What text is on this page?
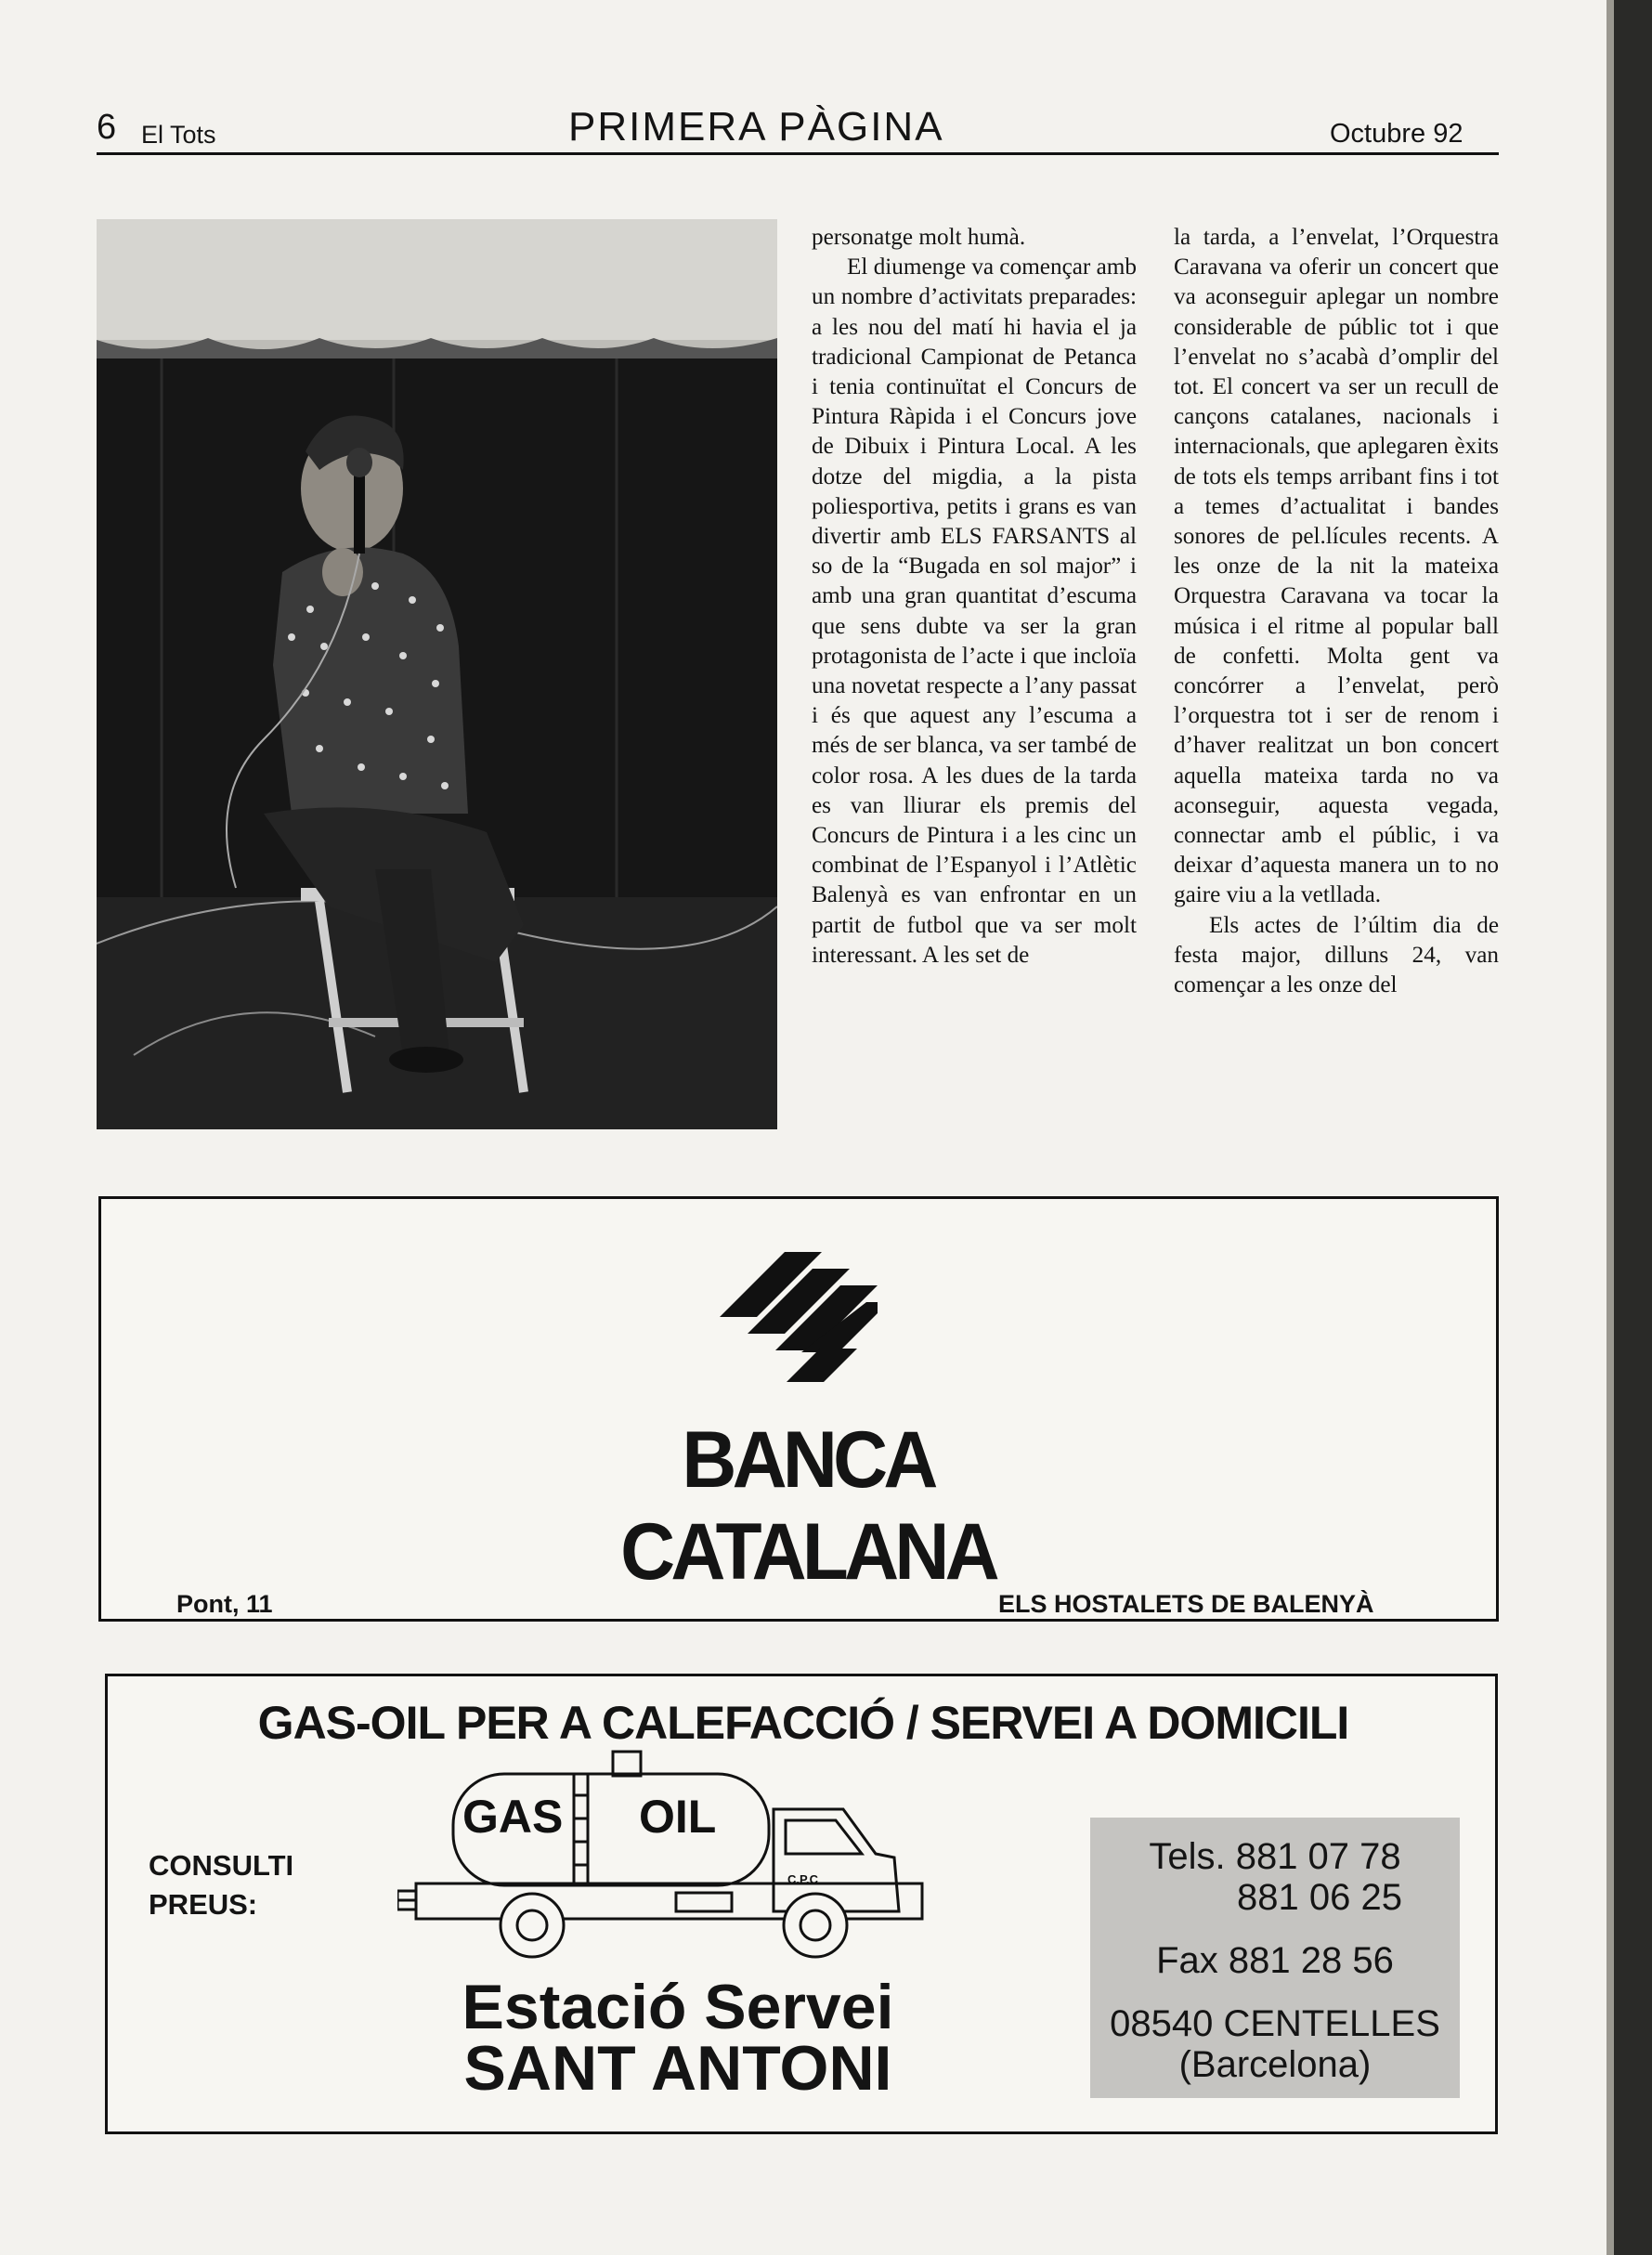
6 El Tots	PRIMERA PÀGINA	Octubre 92

personatge molt humà.

El diumenge va començar amb un nombre d’activitats preparades: a les nou del matí hi havia el ja tradicional Campionat de Petanca i tenia continuïtat el Concurs de Pintura Ràpida i el Concurs jove de Dibuix i Pintura Local. A les dotze del migdia, a la pista poliesportiva, petits i grans es van divertir amb ELS FARSANTS al so de la “Bugada en sol major” i amb una gran quantitat d’escuma que sens dubte va ser la gran protagonista de l’acte i que incloïa una novetat respecte a l’any passat i és que aquest any l’escuma a més de ser blanca, va ser també de color rosa. A les dues de la tarda es van lliurar els premis del Concurs de Pintura i a les cinc un combinat de l’Espanyol i l’Atlètic Balenyà es van enfrontar en un partit de futbol que va ser molt interessant. A les set de

la tarda, a l’envelat, l’Orquestra Caravana va oferir un concert que va aconseguir aplegar un nombre considerable de públic tot i que l’envelat no s’acabà d’omplir del tot. El concert va ser un recull de cançons catalanes, nacionals i internacionals, que aplegaren èxits de tots els temps arribant fins i tot a temes d’actualitat i bandes sonores de pel.lícules recents. A les onze de la nit la mateixa Orquestra Caravana va tocar la música i el ritme al popular ball de confetti. Molta gent va concórrer a l’envelat, però l’orquestra tot i ser de renom i d’haver realitzat un bon concert aquella mateixa tarda no va aconseguir, aquesta vegada, connectar amb el públic, i va deixar d’aquesta manera un to no gaire viu a la vetllada.

Els actes de l’últim dia de festa major, dilluns 24, van començar a les onze del

BANCA CATALANA
Pont, 11	ELS HOSTALETS DE BALENYÀ
GAS-OIL PER A CALEFACCIÓ / SERVEI A DOMICILI
CONSULTI
PREUS:
GAS OIL
C.P.C
Estació Servei
SANT ANTONI
Tels. 881 07 78
881 06 25
Fax 881 28 56
08540 CENTELLES
(Barcelona)
